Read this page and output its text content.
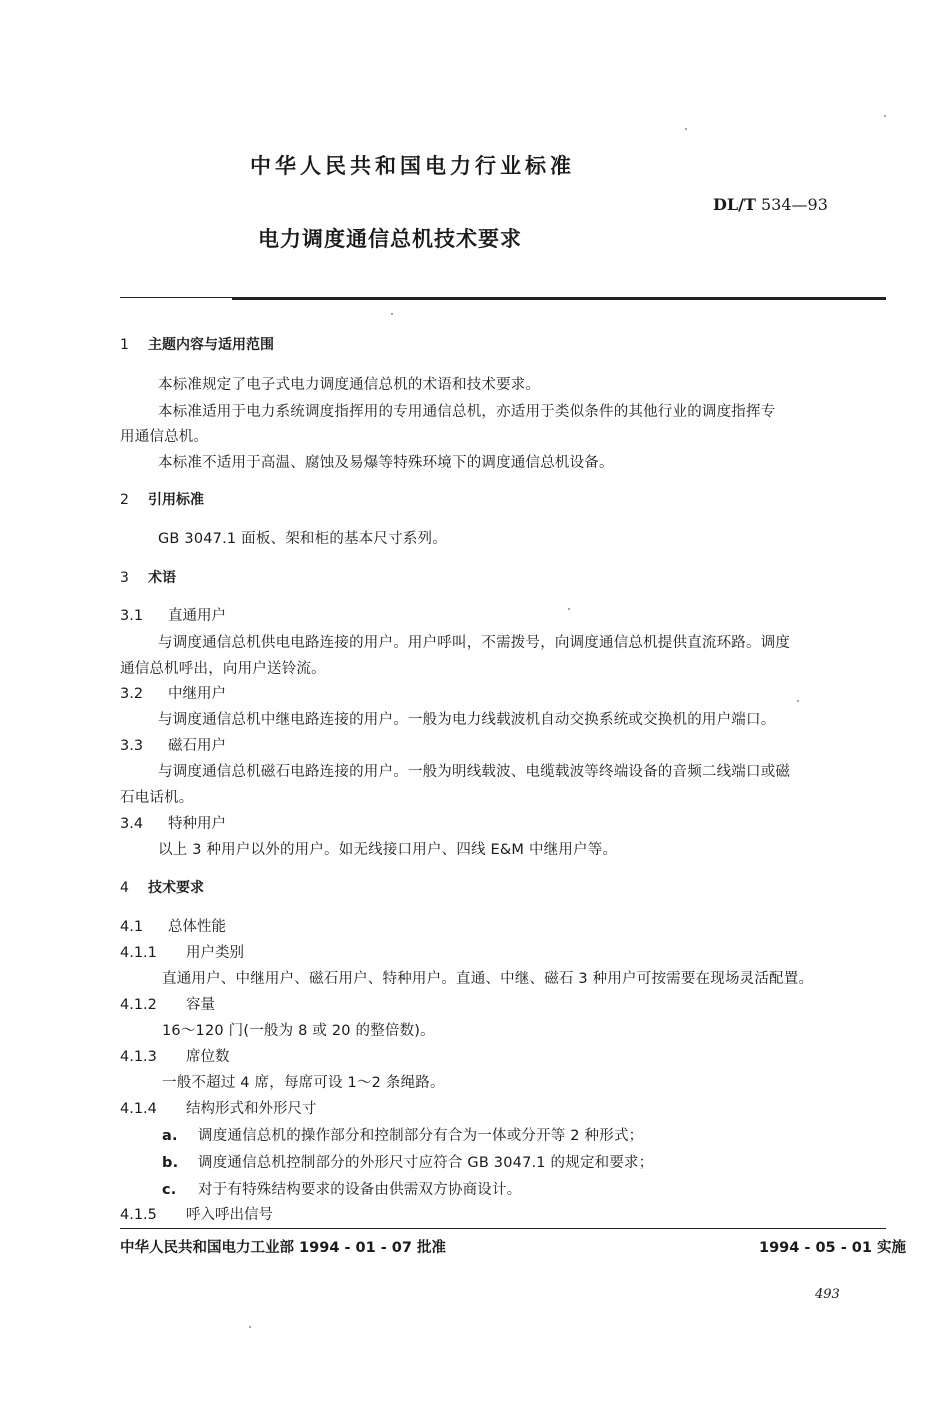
中华人民共和国电力行业标准
DL/T 534—93
电力调度通信总机技术要求
1 主题内容与适用范围
本标准规定了电子式电力调度通信总机的术语和技术要求。
本标准适用于电力系统调度指挥用的专用通信总机，亦适用于类似条件的其他行业的调度指挥专
用通信总机。
本标准不适用于高温、腐蚀及易爆等特殊环境下的调度通信总机设备。
2 引用标准
GB 3047.1 面板、架和柜的基本尺寸系列。
3 术语
3.1 直通用户
与调度通信总机供电电路连接的用户。用户呼叫，不需拨号，向调度通信总机提供直流环路。调度
通信总机呼出，向用户送铃流。
3.2 中继用户
与调度通信总机中继电路连接的用户。一般为电力线载波机自动交换系统或交换机的用户端口。
3.3 磁石用户
与调度通信总机磁石电路连接的用户。一般为明线载波、电缆载波等终端设备的音频二线端口或磁
石电话机。
3.4 特种用户
以上 3 种用户以外的用户。如无线接口用户、四线 E&M 中继用户等。
4 技术要求
4.1 总体性能
4.1.1 用户类别
直通用户、中继用户、磁石用户、特种用户。直通、中继、磁石 3 种用户可按需要在现场灵活配置。
4.1.2 容量
16～120 门(一般为 8 或 20 的整倍数)。
4.1.3 席位数
一般不超过 4 席，每席可设 1～2 条绳路。
4.1.4 结构形式和外形尺寸
a. 调度通信总机的操作部分和控制部分有合为一体或分开等 2 种形式；
b. 调度通信总机控制部分的外形尺寸应符合 GB 3047.1 的规定和要求；
c. 对于有特殊结构要求的设备由供需双方协商设计。
4.1.5 呼入呼出信号
中华人民共和国电力工业部 1994 - 01 - 07 批准	1994 - 05 - 01 实施
493
